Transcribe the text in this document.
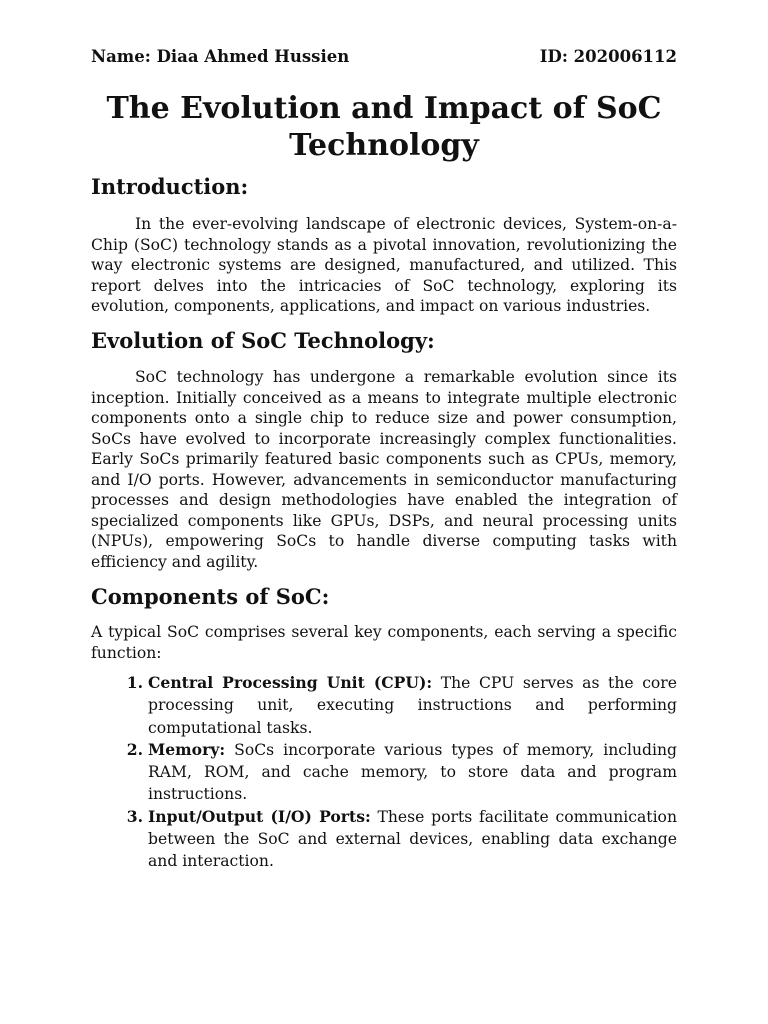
Name: Diaa Ahmed Hussien	ID: 202006112
The Evolution and Impact of SoC
Technology
Introduction:

In the ever-evolving landscape of electronic devices, System-on-a-Chip (SoC) technology stands as a pivotal innovation, revolutionizing the way electronic systems are designed, manufactured, and utilized. This report delves into the intricacies of SoC technology, exploring its evolution, components, applications, and impact on various industries.

Evolution of SoC Technology:

SoC technology has undergone a remarkable evolution since its inception. Initially conceived as a means to integrate multiple electronic components onto a single chip to reduce size and power consumption, SoCs have evolved to incorporate increasingly complex functionalities. Early SoCs primarily featured basic components such as CPUs, memory, and I/O ports. However, advancements in semiconductor manufacturing processes and design methodologies have enabled the integration of specialized components like GPUs, DSPs, and neural processing units (NPUs), empowering SoCs to handle diverse computing tasks with efficiency and agility.

Components of SoC:

A typical SoC comprises several key components, each serving a specific function:

1. Central Processing Unit (CPU): The CPU serves as the core processing unit, executing instructions and performing computational tasks.
2. Memory: SoCs incorporate various types of memory, including RAM, ROM, and cache memory, to store data and program instructions.
3. Input/Output (I/O) Ports: These ports facilitate communication between the SoC and external devices, enabling data exchange and interaction.
